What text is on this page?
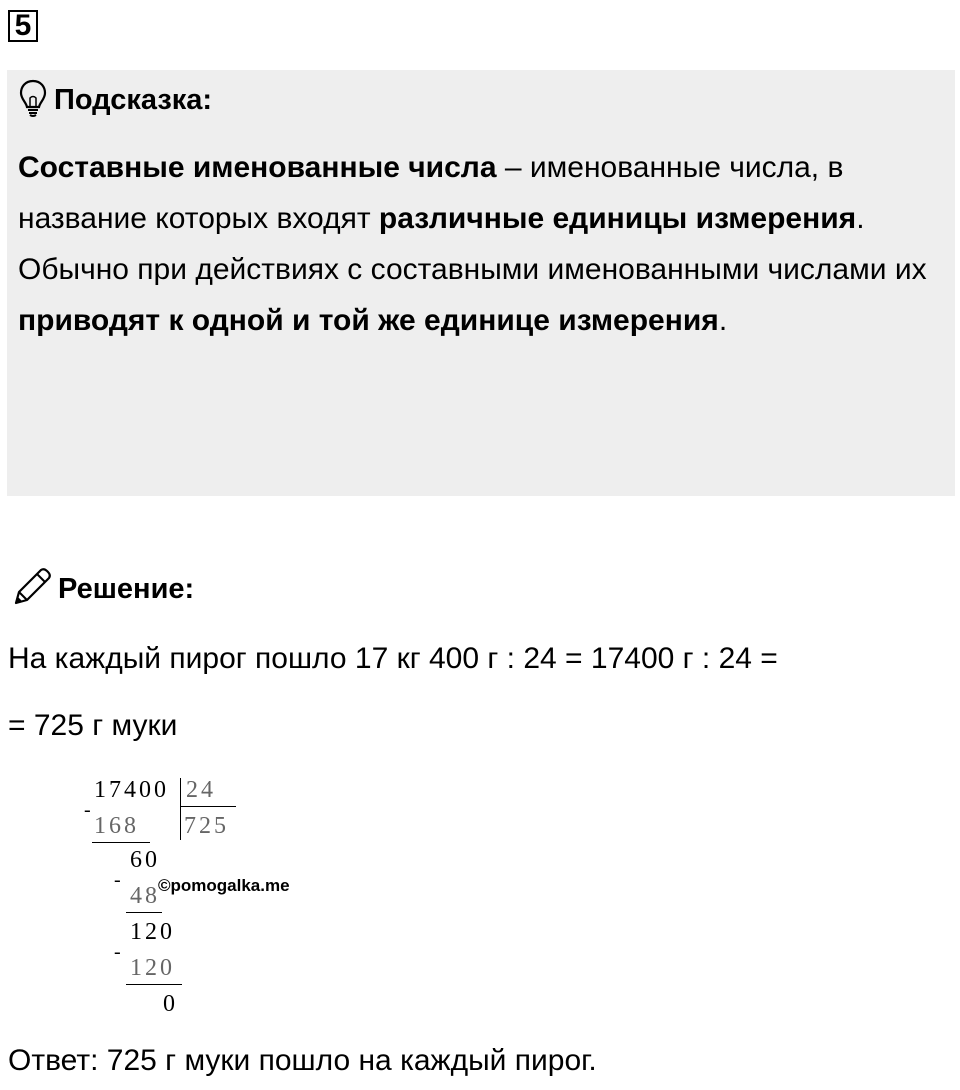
5
Подсказка:

Составные именованные числа – именованные числа, в название которых входят различные единицы измерения.

Обычно при действиях с составными именованными числами их приводят к одной и той же единице измерения.

Решение:
На каждый пирог пошло 17 кг 400 г : 24 = 17400 г : 24 =
= 725 г муки
17400 24
725
-
168
60
-
48
120
-
120
0
©pomogalka.me
Ответ: 725 г муки пошло на каждый пирог.
